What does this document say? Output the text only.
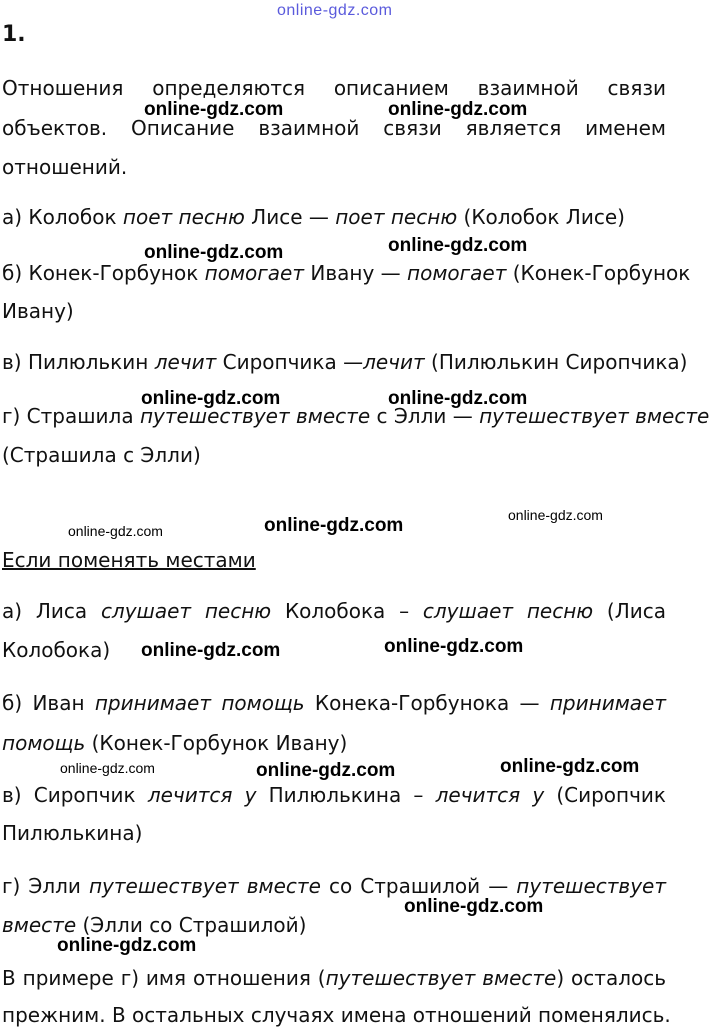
online-gdz.com
1.
Отношения определяются описанием взаимной связи
объектов. Описание взаимной связи является именем
отношений.
а) Колобок поет песню Лисе — поет песню (Колобок Лисе)
б) Конек-Горбунок помогает Ивану — помогает (Конек-Горбунок
Ивану)
в) Пилюлькин лечит Сиропчика —лечит (Пилюлькин Сиропчика)
г) Страшила путешествует вместе с Элли — путешествует вместе
(Страшила с Элли)
Если поменять местами
а) Лиса слушает песню Колобока – слушает песню (Лиса
Колобока)
б) Иван принимает помощь Конека-Горбунока — принимает
помощь (Конек-Горбунок Ивану)
в) Сиропчик лечится у Пилюлькина – лечится у (Сиропчик
Пилюлькина)
г) Элли путешествует вместе со Страшилой — путешествует
вместе (Элли со Страшилой)
В примере г) имя отношения (путешествует вместе) осталось
прежним. В остальных случаях имена отношений поменялись.
online-gdz.com	online-gdz.com
online-gdz.com	online-gdz.com
online-gdz.com	online-gdz.com
online-gdz.com	online-gdz.com	online-gdz.com
online-gdz.com	online-gdz.com
online-gdz.com	online-gdz.com	online-gdz.com
online-gdz.com
online-gdz.com
